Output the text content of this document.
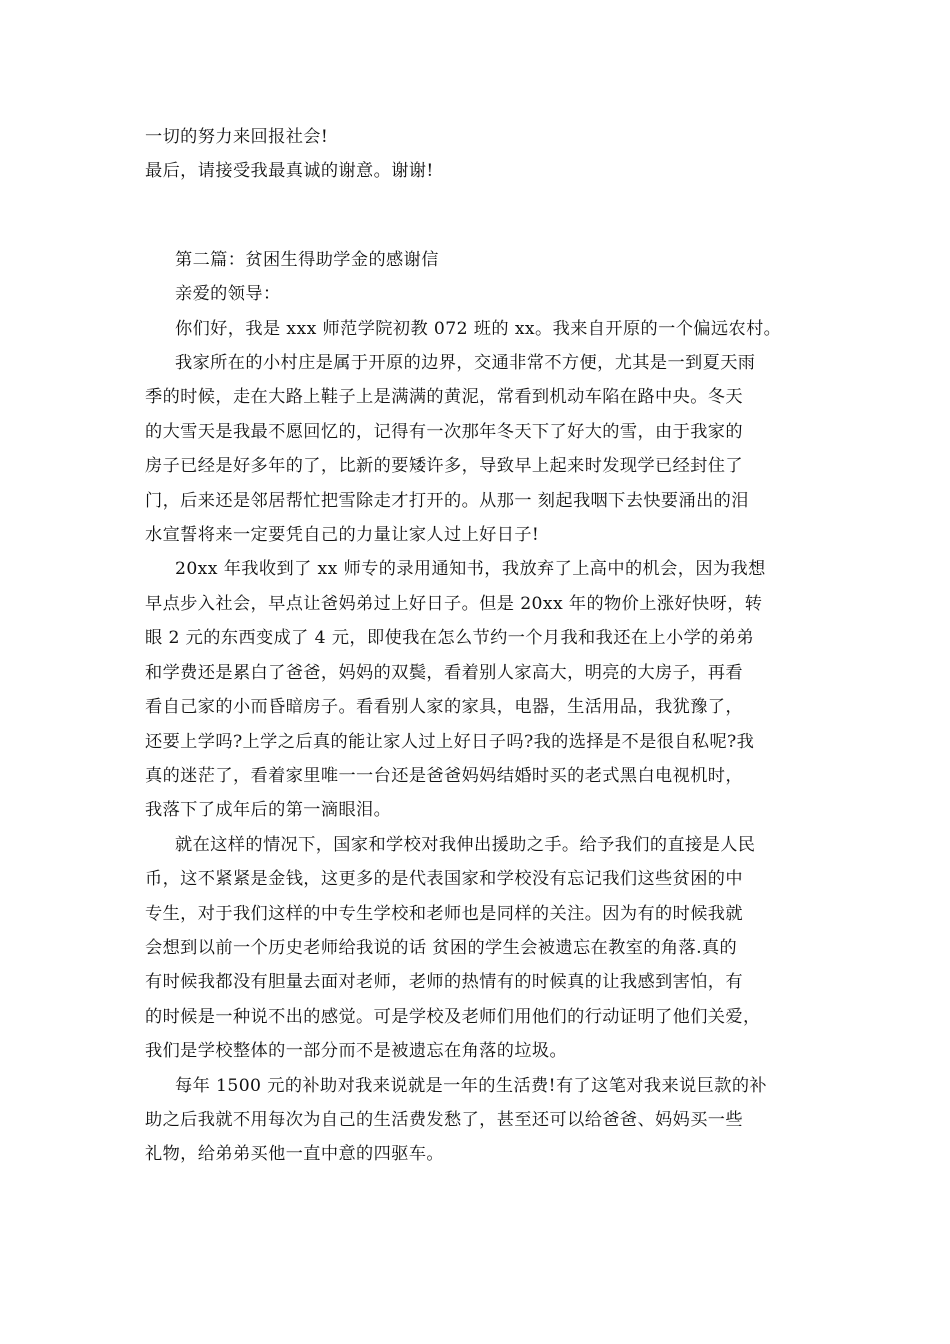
一切的努力来回报社会!
最后，请接受我最真诚的谢意。谢谢!
第二篇：贫困生得助学金的感谢信
亲爱的领导：
你们好，我是 xxx 师范学院初教 072 班的 xx。我来自开原的一个偏远农村。
我家所在的小村庄是属于开原的边界，交通非常不方便，尤其是一到夏天雨
季的时候，走在大路上鞋子上是满满的黄泥，常看到机动车陷在路中央。冬天
的大雪天是我最不愿回忆的，记得有一次那年冬天下了好大的雪，由于我家的
房子已经是好多年的了，比新的要矮许多，导致早上起来时发现学已经封住了
门，后来还是邻居帮忙把雪除走才打开的。从那一 刻起我咽下去快要涌出的泪
水宣誓将来一定要凭自己的力量让家人过上好日子!
20xx 年我收到了 xx 师专的录用通知书，我放弃了上高中的机会，因为我想
早点步入社会，早点让爸妈弟过上好日子。但是 20xx 年的物价上涨好快呀，转
眼 2 元的东西变成了 4 元，即使我在怎么节约一个月我和我还在上小学的弟弟
和学费还是累白了爸爸，妈妈的双鬓，看着别人家高大，明亮的大房子，再看
看自己家的小而昏暗房子。看看别人家的家具，电器，生活用品，我犹豫了，
还要上学吗?上学之后真的能让家人过上好日子吗?我的选择是不是很自私呢?我
真的迷茫了，看着家里唯一一台还是爸爸妈妈结婚时买的老式黑白电视机时，
我落下了成年后的第一滴眼泪。
就在这样的情况下，国家和学校对我伸出援助之手。给予我们的直接是人民
币，这不紧紧是金钱，这更多的是代表国家和学校没有忘记我们这些贫困的中
专生，对于我们这样的中专生学校和老师也是同样的关注。因为有的时候我就
会想到以前一个历史老师给我说的话 贫困的学生会被遗忘在教室的角落.真的
有时候我都没有胆量去面对老师，老师的热情有的时候真的让我感到害怕，有
的时候是一种说不出的感觉。可是学校及老师们用他们的行动证明了他们关爱，
我们是学校整体的一部分而不是被遗忘在角落的垃圾。
每年 1500 元的补助对我来说就是一年的生活费!有了这笔对我来说巨款的补
助之后我就不用每次为自己的生活费发愁了，甚至还可以给爸爸、妈妈买一些
礼物，给弟弟买他一直中意的四驱车。
